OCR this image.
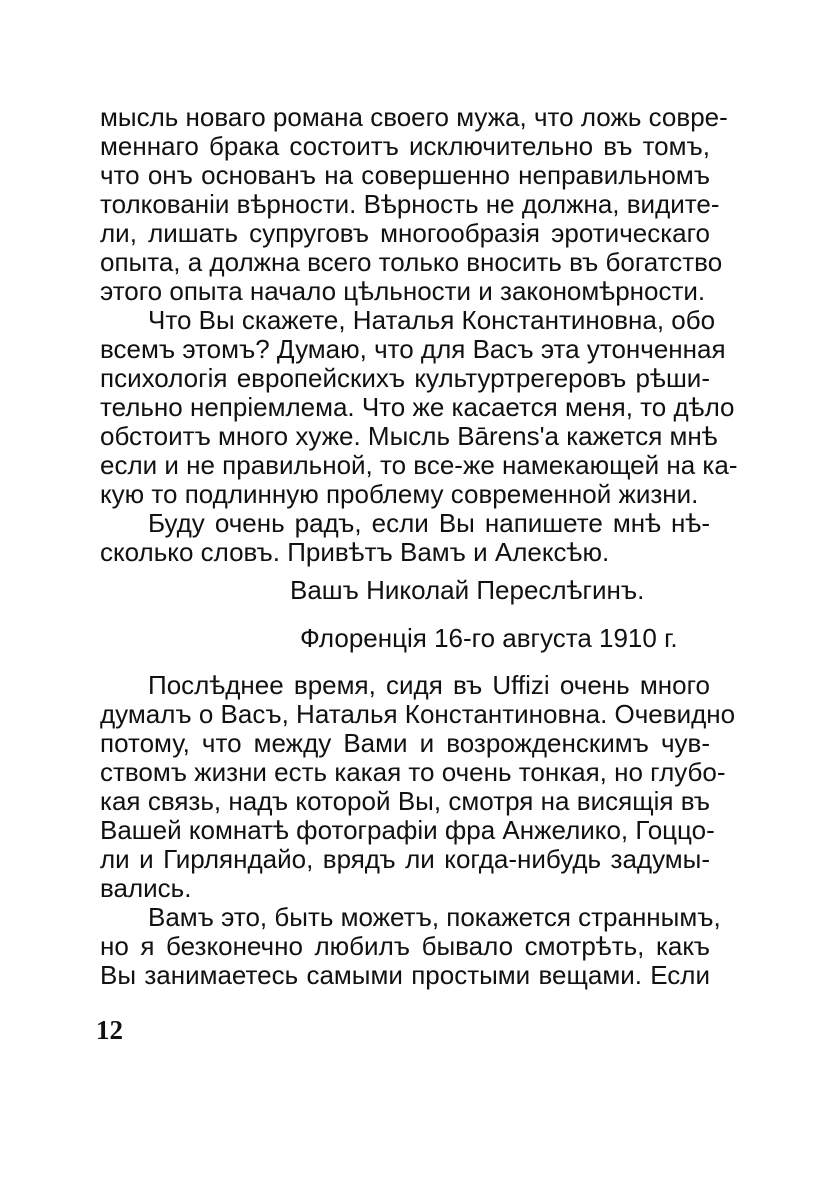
мысль новаго романа своего мужа, что ложь совре-
меннаго брака состоитъ исключительно въ томъ,
что онъ основанъ на совершенно неправильномъ
толкованiи вѣрности. Вѣрность не должна, видите-
ли, лишать супруговъ многообразiя эротическаго
опыта, а должна всего только вносить въ богатство
этого опыта начало цѣльности и закономѣрности.
Что Вы скажете, Наталья Константиновна, обо
всемъ этомъ? Думаю, что для Васъ эта утонченная
психологiя европейскихъ культуртрегеровъ рѣши-
тельно непрiемлема. Что же касается меня, то дѣло
обстоитъ много хуже. Мысль Bārens'a кажется мнѣ
если и не правильной, то все-же намекающей на ка-
кую то подлинную проблему современной жизни.
Буду очень радъ, если Вы напишете мнѣ нѣ-
сколько словъ. Привѣтъ Вамъ и Алексѣю.
Вашъ Николай Переслѣгинъ.
Флоренцiя 16-го августа 1910 г.
Послѣднее время, сидя въ Uffizi очень много
думалъ о Васъ, Наталья Константиновна. Очевидно
потому, что между Вами и возрожденскимъ чув-
ствомъ жизни есть какая то очень тонкая, но глубо-
кая связь, надъ которой Вы, смотря на висящiя въ
Вашей комнатѣ фотографiи фра Анжелико, Гоццо-
ли и Гирляндайо, врядъ ли когда-нибудь задумы-
вались.
Вамъ это, быть можетъ, покажется страннымъ,
но я безконечно любилъ бывало смотрѣть, какъ
Вы занимаетесь самыми простыми вещами. Если
12
